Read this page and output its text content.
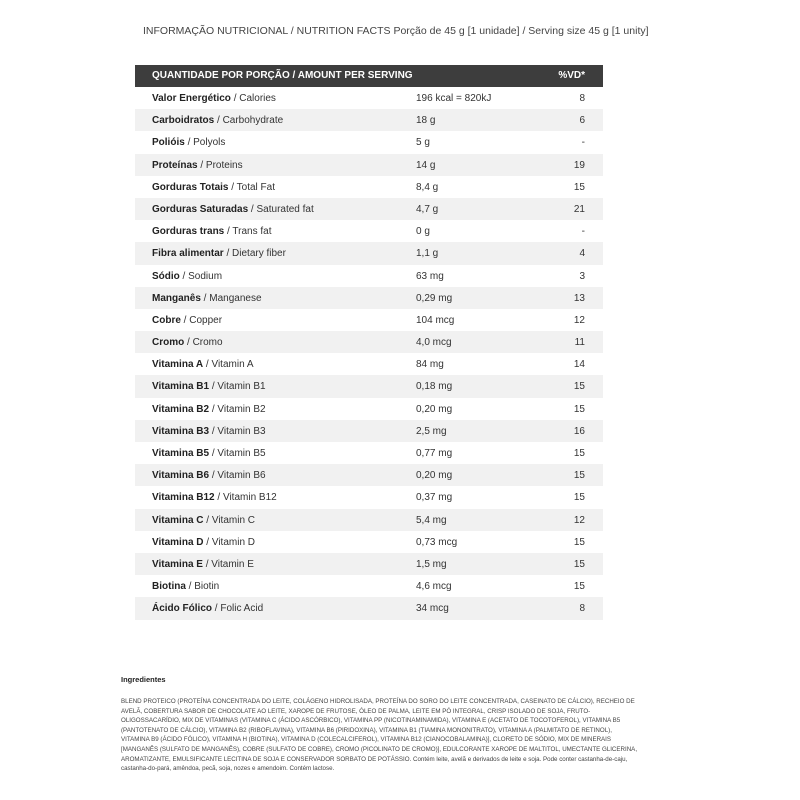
INFORMAÇÃO NUTRICIONAL / NUTRITION FACTS Porção de 45 g [1 unidade] / Serving size 45 g [1 unity]
QUANTIDADE POR PORÇÃO / AMOUNT PER SERVING	%VD*
Valor Energético / Calories	196 kcal = 820kJ	8
Carboidratos / Carbohydrate	18 g	6
Polióis / Polyols	5 g	-
Proteínas / Proteins	14 g	19
Gorduras Totais / Total Fat	8,4 g	15
Gorduras Saturadas / Saturated fat	4,7 g	21
Gorduras trans / Trans fat	0 g	-
Fibra alimentar / Dietary fiber	1,1 g	4
Sódio / Sodium	63 mg	3
Manganês / Manganese	0,29 mg	13
Cobre / Copper	104 mcg	12
Cromo / Cromo	4,0 mcg	11
Vitamina A / Vitamin A	84 mg	14
Vitamina B1 / Vitamin B1	0,18 mg	15
Vitamina B2 / Vitamin B2	0,20 mg	15
Vitamina B3 / Vitamin B3	2,5 mg	16
Vitamina B5 / Vitamin B5	0,77 mg	15
Vitamina B6 / Vitamin B6	0,20 mg	15
Vitamina B12 / Vitamin B12	0,37 mg	15
Vitamina C / Vitamin C	5,4 mg	12
Vitamina D / Vitamin D	0,73 mcg	15
Vitamina E / Vitamin E	1,5 mg	15
Biotina / Biotin	4,6 mcg	15
Ácido Fólico / Folic Acid	34 mcg	8
Ingredientes
BLEND PROTEICO (PROTEÍNA CONCENTRADA DO LEITE, COLÁGENO HIDROLISADA, PROTEÍNA DO SORO DO LEITE CONCENTRADA, CASEINATO DE CÁLCIO), RECHEIO DE AVELÃ, COBERTURA SABOR DE CHOCOLATE AO LEITE, XAROPE DE FRUTOSE, ÓLEO DE PALMA, LEITE EM PÓ INTEGRAL, CRISP ISOLADO DE SOJA, FRUTO-OLIGOSSACARÍDIO, MIX DE VITAMINAS (VITAMINA C (ÁCIDO ASCÓRBICO), VITAMINA PP (NICOTINAMINAMIDA), VITAMINA E (ACETATO DE TOCOTOFEROL), VITAMINA B5 (PANTOTENATO DE CÁLCIO), VITAMINA B2 (RIBOFLAVINA), VITAMINA B6 (PIRIDOXINA), VITAMINA B1 (TIAMINA MONONITRATO), VITAMINA A (PALMITATO DE RETINOL), VITAMINA B9 (ÁCIDO FÓLICO), VITAMINA H (BIOTINA), VITAMINA D (COLECALCIFEROL), VITAMINA B12 (CIANOCOBALAMINA)], CLORETO DE SÓDIO, MIX DE MINERAIS [MANGANÊS (SULFATO DE MANGANÊS), COBRE (SULFATO DE COBRE), CROMO (PICOLINATO DE CROMO)], EDULCORANTE XAROPE DE MALTITOL, UMECTANTE GLICERINA, AROMATIZANTE, EMULSIFICANTE LECITINA DE SOJA E CONSERVADOR SORBATO DE POTÁSSIO. Contém leite, avelã e derivados de leite e soja. Pode conter castanha-de-caju, castanha-do-pará, amêndoa, pecã, soja, nozes e amendoim. Contém lactose.
